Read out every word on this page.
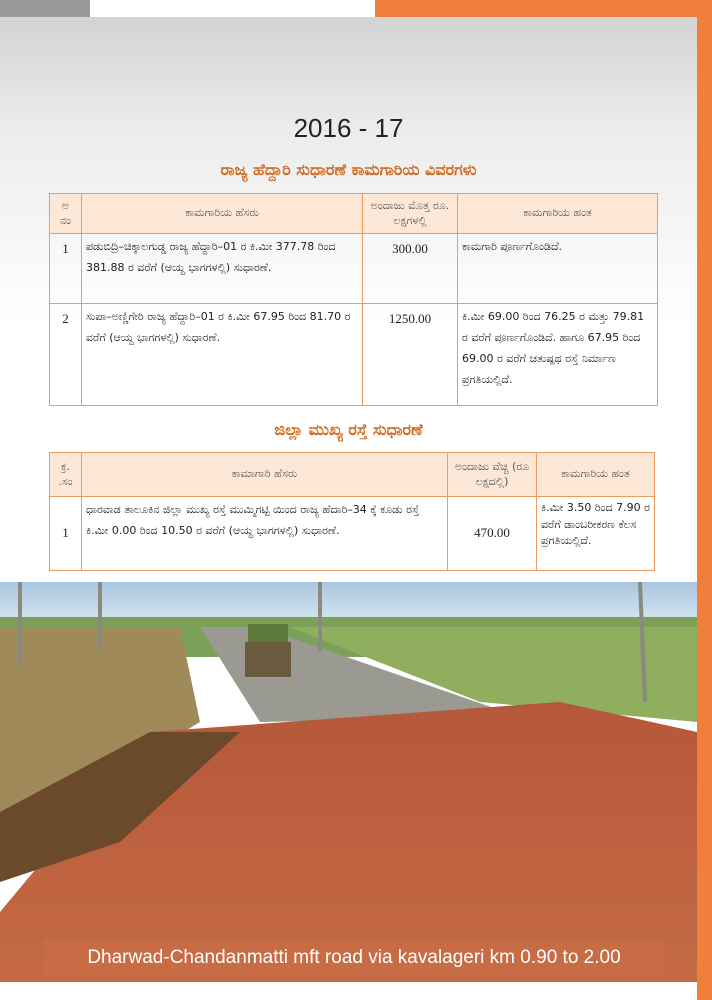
2016 - 17
ರಾಜ್ಯ ಹೆದ್ದಾರಿ ಸುಧಾರಣೆ ಕಾಮಗಾರಿಯ ವಿವರಗಳು
ಅ
ನಂ	ಕಾಮಗಾರಿಯ ಹೆಸರು	ಅಂದಾಜು ಮೊತ್ತ ರೂ. ಲಕ್ಷಗಳಲ್ಲಿ	ಕಾಮಗಾರಿಯ ಹಂತ
1	ಪಡುಬಿದ್ರಿ–ಚಿಕ್ಕಾಲಗುಡ್ಡ ರಾಜ್ಯ ಹೆದ್ದಾರಿ–01 ರ ಕಿ.ಮೀ 377.78 ರಿಂದ 381.88 ರ ವರೆಗೆ (ಆಯ್ದ ಭಾಗಗಳಲ್ಲಿ) ಸುಧಾರಣೆ.	300.00	ಕಾಮಗಾರಿ ಪೂರ್ಣಗೊಂಡಿದೆ.
2	ಸುಪಾ–ಅಣ್ಣಿಗೇರಿ ರಾಜ್ಯ ಹೆದ್ದಾರಿ–01 ರ ಕಿ.ಮೀ 67.95 ರಿಂದ 81.70 ರ ವರೆಗೆ (ಆಯ್ದ ಭಾಗಗಳಲ್ಲಿ) ಸುಧಾರಣೆ.	1250.00	ಕಿ.ಮೀ 69.00 ರಿಂದ 76.25 ರ ಮತ್ತು 79.81 ರ ವರೆಗೆ ಪೂರ್ಣಗೊಂಡಿದೆ. ಹಾಗೂ 67.95 ರಿಂದ 69.00 ರ ವರೆಗೆ ಚತುಷ್ಪಥ ರಸ್ತೆ ನಿರ್ಮಾಣ ಪ್ರಗತಿಯಲ್ಲಿದೆ.
ಜಿಲ್ಲಾ ಮುಖ್ಯ ರಸ್ತೆ ಸುಧಾರಣೆ
ಕ್ರ.
.ಸಂ	ಕಾಮಾಗಾರಿ ಹೆಸರು	ಅಂದಾಜು ವೆಚ್ಚ (ರೂ ಲಕ್ಷದಲ್ಲಿ)	ಕಾಮಗಾರಿಯ ಹಂತ
1	ಧಾರವಾಡ ತಾಲೂಕಿನ ಜಿಲ್ಲಾ ಮುಖ್ಯ ರಸ್ತೆ ಮುಮ್ಮಿಗಟ್ಟಿ ಯಿಂದ ರಾಜ್ಯ ಹೆದಾರಿ–34 ಕ್ಕೆ ಕೂಡು ರಸ್ತೆ ಕಿ.ಮೀ 0.00 ರಿಂದ 10.50 ರ ವರೆಗೆ (ಆಯ್ದ ಭಾಗಗಳಲ್ಲಿ) ಸುಧಾರಣೆ.	470.00	ಕಿ.ಮೀ 3.50 ರಿಂದ 7.90 ರ ವರೆಗೆ ಡಾಂಬರೀಕರಣ ಕೆಲಸ ಪ್ರಗತಿಯಲ್ಲಿದೆ.
Dharwad-Chandanmatti mft road via kavalageri km 0.90 to 2.00
